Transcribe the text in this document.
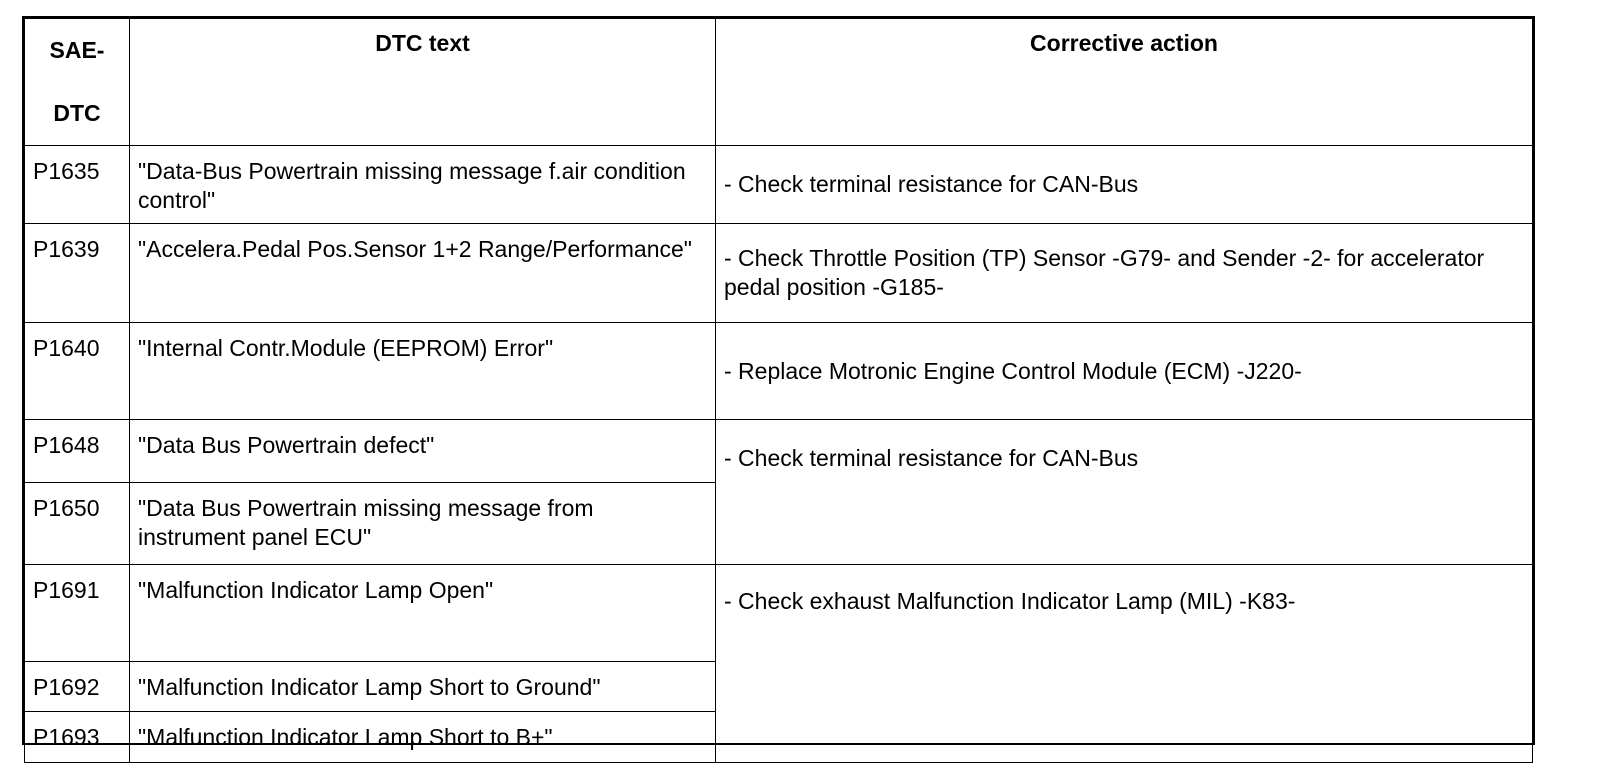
SAE-
DTC	DTC text	Corrective action
P1635	"Data-Bus Powertrain missing message f.air condition control"	- Check terminal resistance for CAN-Bus
P1639	"Accelera.Pedal Pos.Sensor 1+2 Range/Performance"	- Check Throttle Position (TP) Sensor -G79- and Sender -2- for accelerator pedal position -G185-
P1640	"Internal Contr.Module (EEPROM) Error"	- Replace Motronic Engine Control Module (ECM) -J220-
P1648	"Data Bus Powertrain defect"	- Check terminal resistance for CAN-Bus
P1650	"Data Bus Powertrain missing message from instrument panel ECU"	
P1691	"Malfunction Indicator Lamp Open"	- Check exhaust Malfunction Indicator Lamp (MIL) -K83-
P1692	"Malfunction Indicator Lamp Short to Ground"	
P1693	"Malfunction Indicator Lamp Short to B+"	
